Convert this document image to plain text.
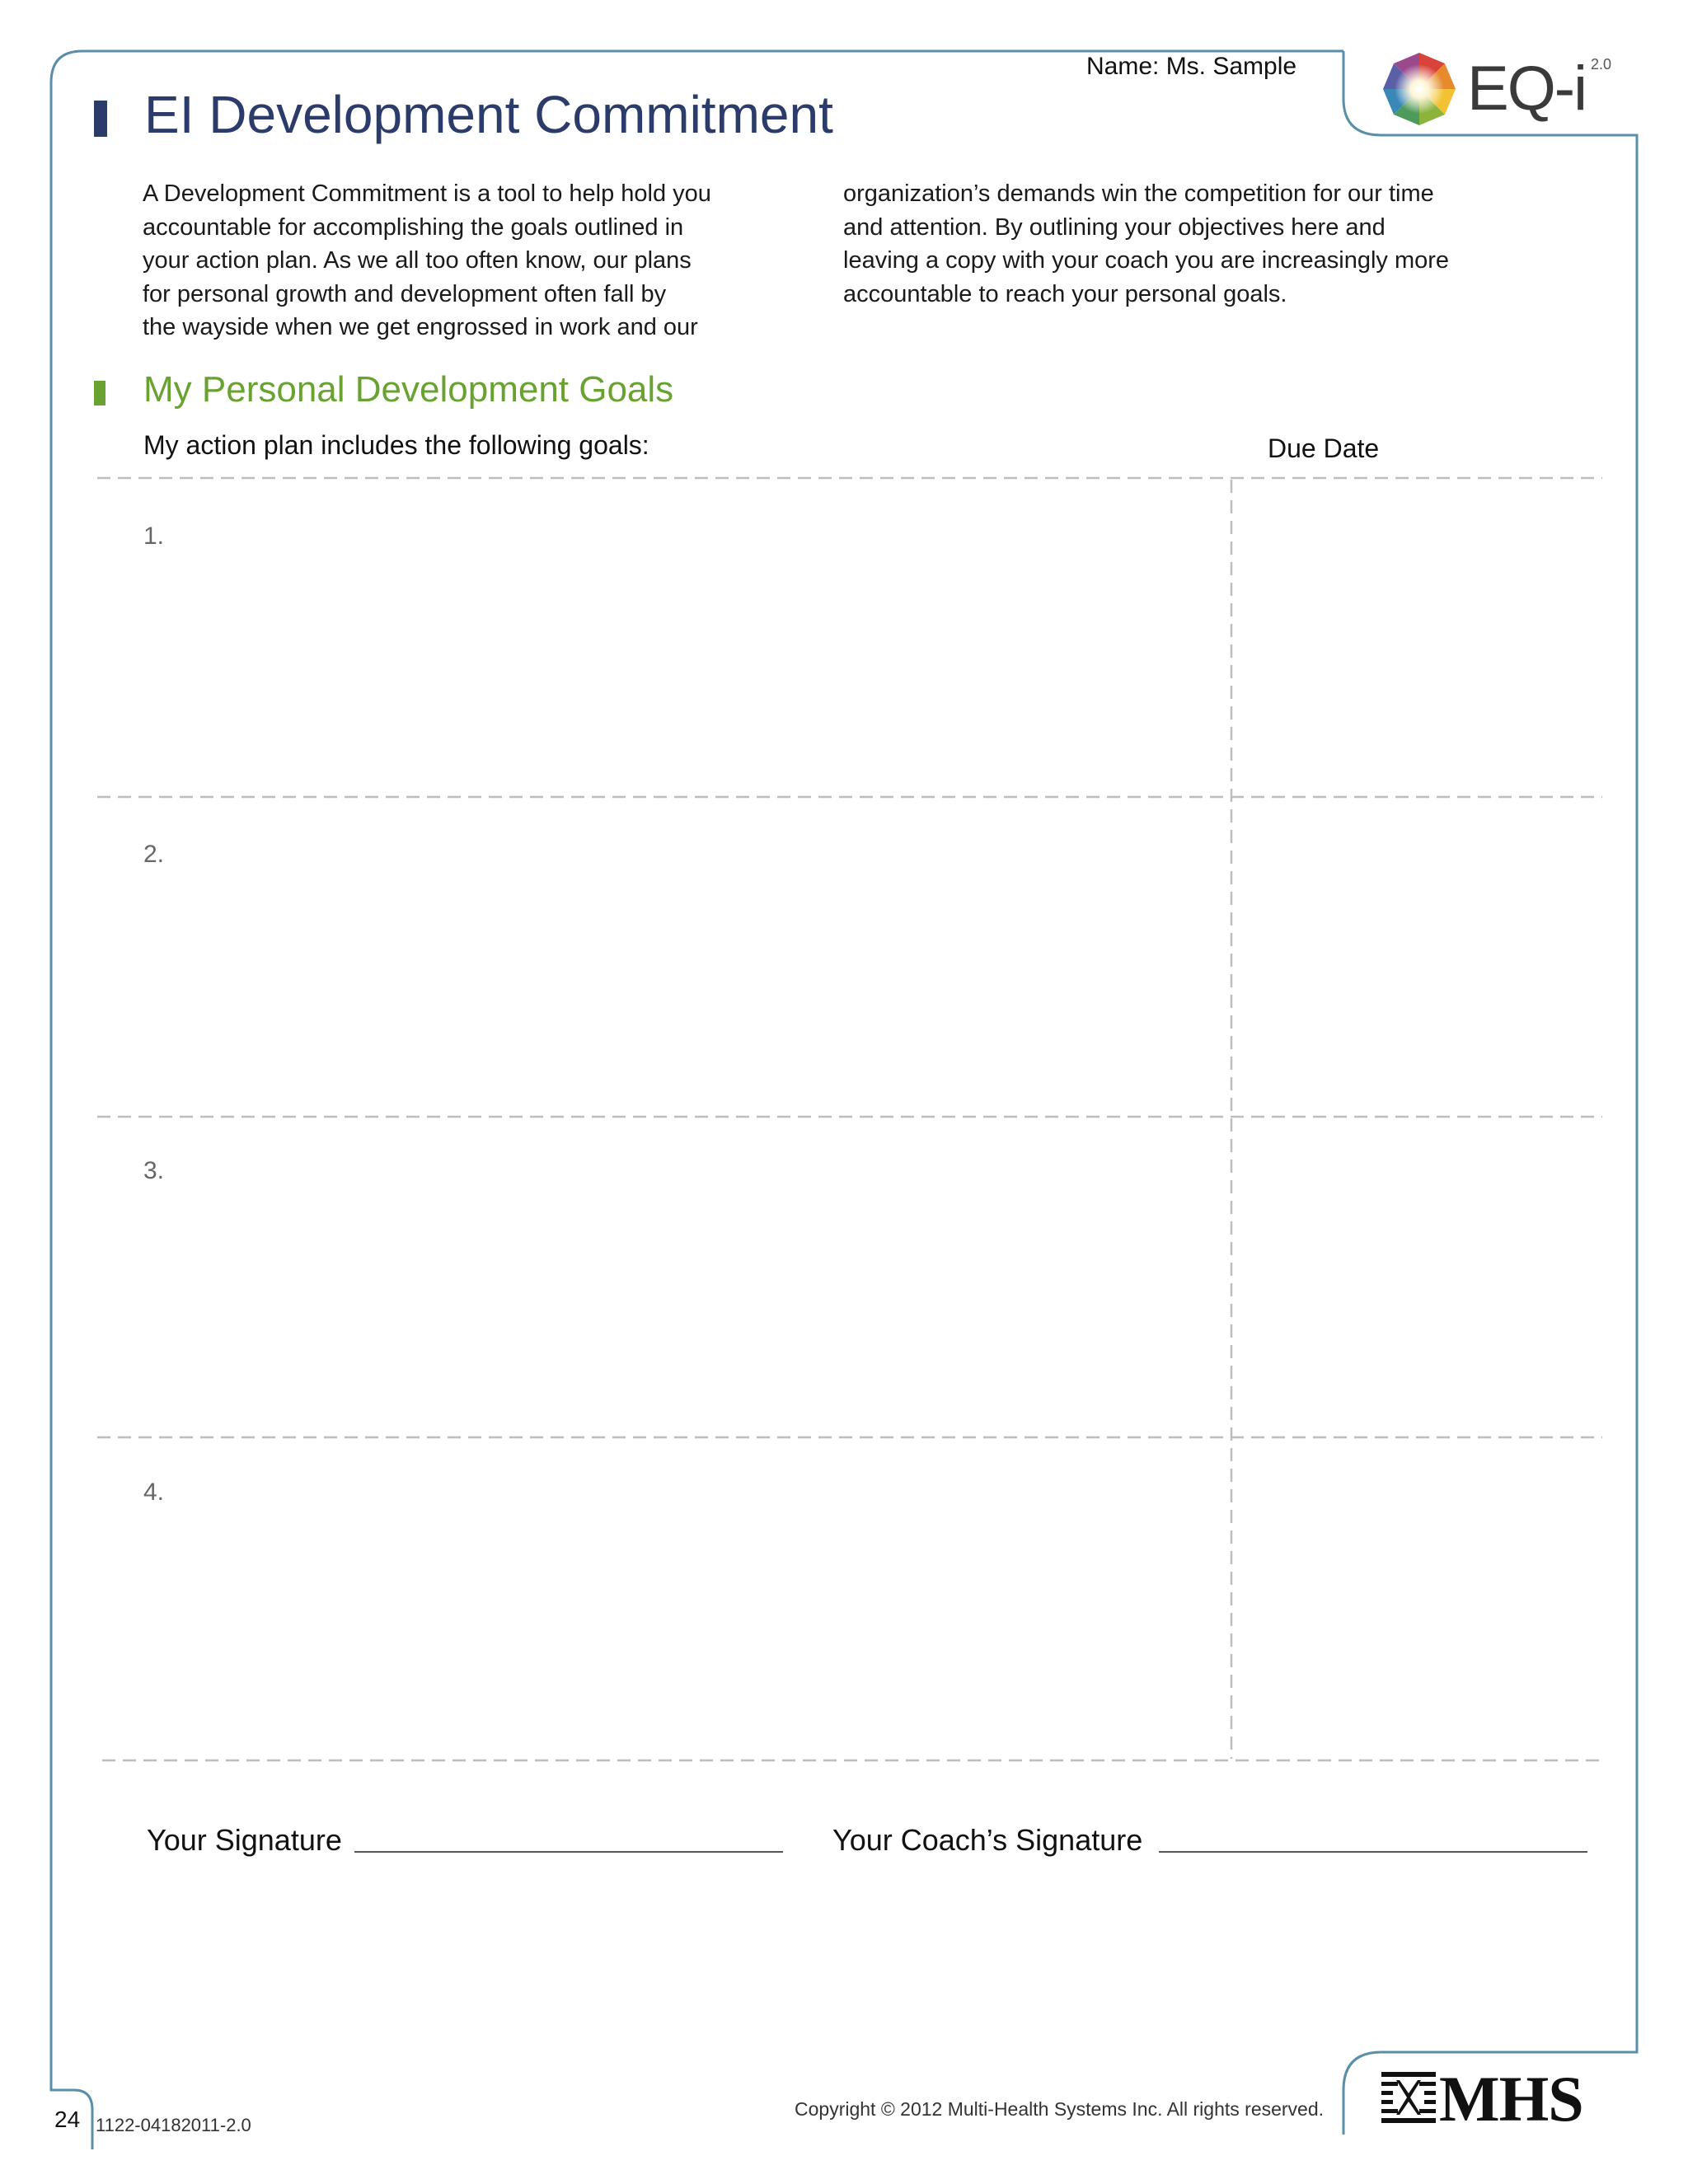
Name: Ms. Sample	EQ-i 2.0
EI Development Commitment
A Development Commitment is a tool to help hold you
accountable for accomplishing the goals outlined in
your action plan. As we all too often know, our plans
for personal growth and development often fall by
the wayside when we get engrossed in work and our
organization’s demands win the competition for our time
and attention. By outlining your objectives here and
leaving a copy with your coach you are increasingly more
accountable to reach your personal goals.
My Personal Development Goals
My action plan includes the following goals:	Due Date
1.
2.
3.
4.
Your Signature	Your Coach’s Signature
24 1122-04182011-2.0
Copyright © 2012 Multi-Health Systems Inc. All rights reserved. MHS
